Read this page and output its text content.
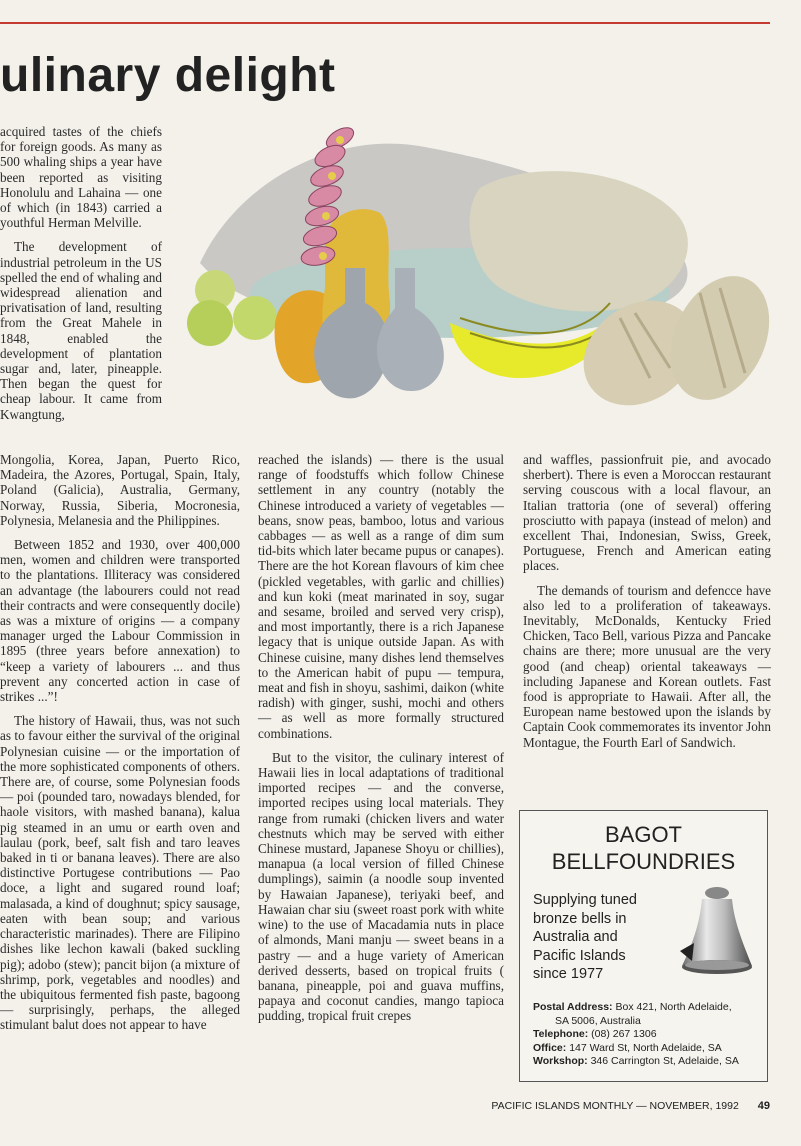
ulinary delight

acquired tastes of the chiefs for foreign goods. As many as 500 whaling ships a year have been reported as visiting Honolulu and Lahaina — one of which (in 1843) carried a youthful Herman Melville.

The development of industrial petroleum in the US spelled the end of whaling and widespread alienation and privatisation of land, resulting from the Great Mahele in 1848, enabled the development of plantation sugar and, later, pineapple. Then began the quest for cheap labour. It came from Kwangtung,

Mongolia, Korea, Japan, Puerto Rico, Madeira, the Azores, Portugal, Spain, Italy, Poland (Galicia), Australia, Germany, Norway, Russia, Siberia, Mocronesia, Polynesia, Melanesia and the Philippines.

Between 1852 and 1930, over 400,000 men, women and children were transported to the plantations. Illiteracy was considered an advantage (the labourers could not read their contracts and were consequently docile) as was a mixture of origins — a company manager urged the Labour Commission in 1895 (three years before annexation) to “keep a variety of labourers ... and thus prevent any concerted action in case of strikes ...”!

The history of Hawaii, thus, was not such as to favour either the survival of the original Polynesian cuisine — or the importation of the more sophisticated components of others. There are, of course, some Polynesian foods — poi (pounded taro, nowadays blended, for haole visitors, with mashed banana), kalua pig steamed in an umu or earth oven and laulau (pork, beef, salt fish and taro leaves baked in ti or banana leaves). There are also distinctive Portugese contributions — Pao doce, a light and sugared round loaf; malasada, a kind of doughnut; spicy sausage, eaten with bean soup; and various characteristic marinades). There are Filipino dishes like lechon kawali (baked suckling pig); adobo (stew); pancit bijon (a mixture of shrimp, pork, vegetables and noodles) and the ubiquitous fermented fish paste, bagoong — surprisingly, perhaps, the alleged stimulant balut does not appear to have

reached the islands) — there is the usual range of foodstuffs which follow Chinese settlement in any country (notably the Chinese introduced a variety of vegetables — beans, snow peas, bamboo, lotus and various cabbages — as well as a range of dim sum tid-bits which later became pupus or canapes). There are the hot Korean flavours of kim chee (pickled vegetables, with garlic and chillies) and kun koki (meat marinated in soy, sugar and sesame, broiled and served very crisp), and most importantly, there is a rich Japanese legacy that is unique outside Japan. As with Chinese cuisine, many dishes lend themselves to the American habit of pupu — tempura, meat and fish in shoyu, sashimi, daikon (white radish) with ginger, sushi, mochi and others — as well as more formally structured combinations.

But to the visitor, the culinary interest of Hawaii lies in local adaptations of traditional imported recipes — and the converse, imported recipes using local materials. They range from rumaki (chicken livers and water chestnuts which may be served with either Chinese mustard, Japanese Shoyu or chillies), manapua (a local version of filled Chinese dumplings), saimin (a noodle soup invented by Hawaian Japanese), teriyaki beef, and Hawaian char siu (sweet roast pork with white wine) to the use of Macadamia nuts in place of almonds, Mani manju — sweet beans in a pastry — and a huge variety of American derived desserts, based on tropical fruits ( banana, pineapple, poi and guava muffins, papaya and coconut candies, mango tapioca pudding, tropical fruit crepes

and waffles, passionfruit pie, and avocado sherbert). There is even a Moroccan restaurant serving couscous with a local flavour, an Italian trattoria (one of several) offering prosciutto with papaya (instead of melon) and excellent Thai, Indonesian, Swiss, Greek, Portuguese, French and American eating places.

The demands of tourism and defencce have also led to a proliferation of takeaways. Inevitably, McDonalds, Kentucky Fried Chicken, Taco Bell, various Pizza and Pancake chains are there; more unusual are the very good (and cheap) oriental takeaways — including Japanese and Korean outlets. Fast food is appropriate to Hawaii. After all, the European name bestowed upon the islands by Captain Cook commemorates its inventor John Montague, the Fourth Earl of Sandwich.

BAGOT
BELLFOUNDRIES
Supplying tuned bronze bells in Australia and Pacific Islands since 1977
Postal Address: Box 421, North Adelaide,
SA 5006, Australia
Telephone: (08) 267 1306
Office: 147 Ward St, North Adelaide, SA
Workshop: 346 Carrington St, Adelaide, SA
PACIFIC ISLANDS MONTHLY — NOVEMBER, 1992 49
